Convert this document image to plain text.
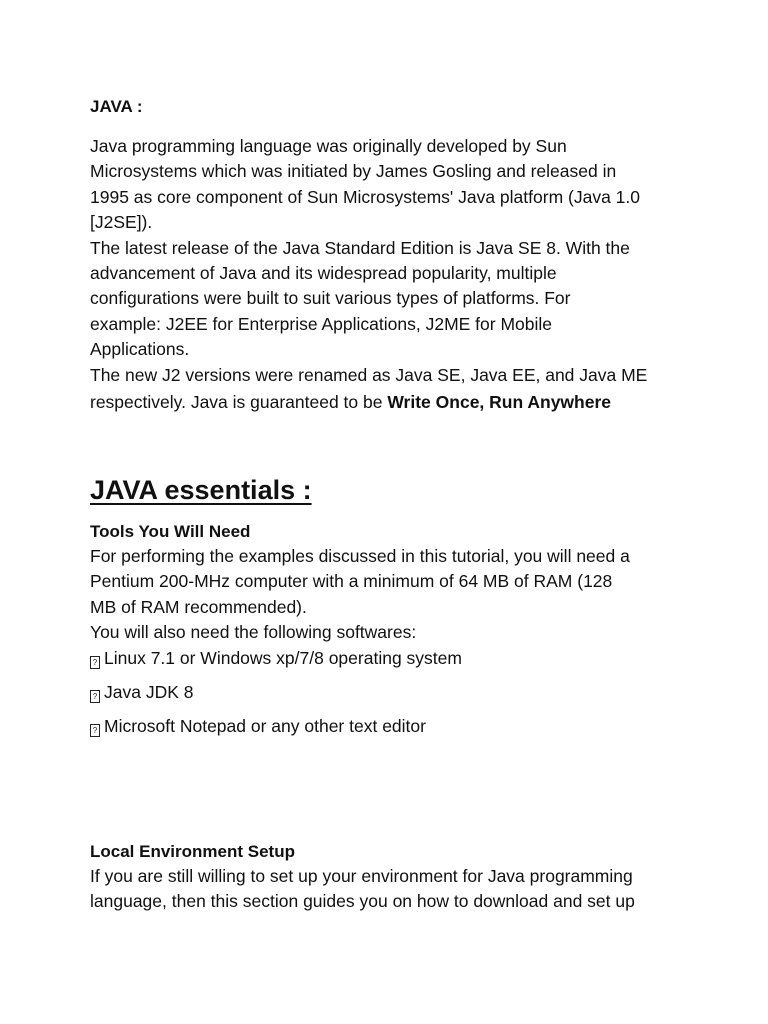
JAVA :
Java programming language was originally developed by Sun
Microsystems which was initiated by James Gosling and released in
1995 as core component of Sun Microsystems' Java platform (Java 1.0
[J2SE]).
The latest release of the Java Standard Edition is Java SE 8. With the
advancement of Java and its widespread popularity, multiple
configurations were built to suit various types of platforms. For
example: J2EE for Enterprise Applications, J2ME for Mobile
Applications.
The new J2 versions were renamed as Java SE, Java EE, and Java ME
respectively. Java is guaranteed to be Write Once, Run Anywhere
JAVA essentials :
Tools You Will Need
For performing the examples discussed in this tutorial, you will need a
Pentium 200-MHz computer with a minimum of 64 MB of RAM (128
MB of RAM recommended).
You will also need the following softwares:
? Linux 7.1 or Windows xp/7/8 operating system
? Java JDK 8
? Microsoft Notepad or any other text editor
Local Environment Setup
If you are still willing to set up your environment for Java programming
language, then this section guides you on how to download and set up
